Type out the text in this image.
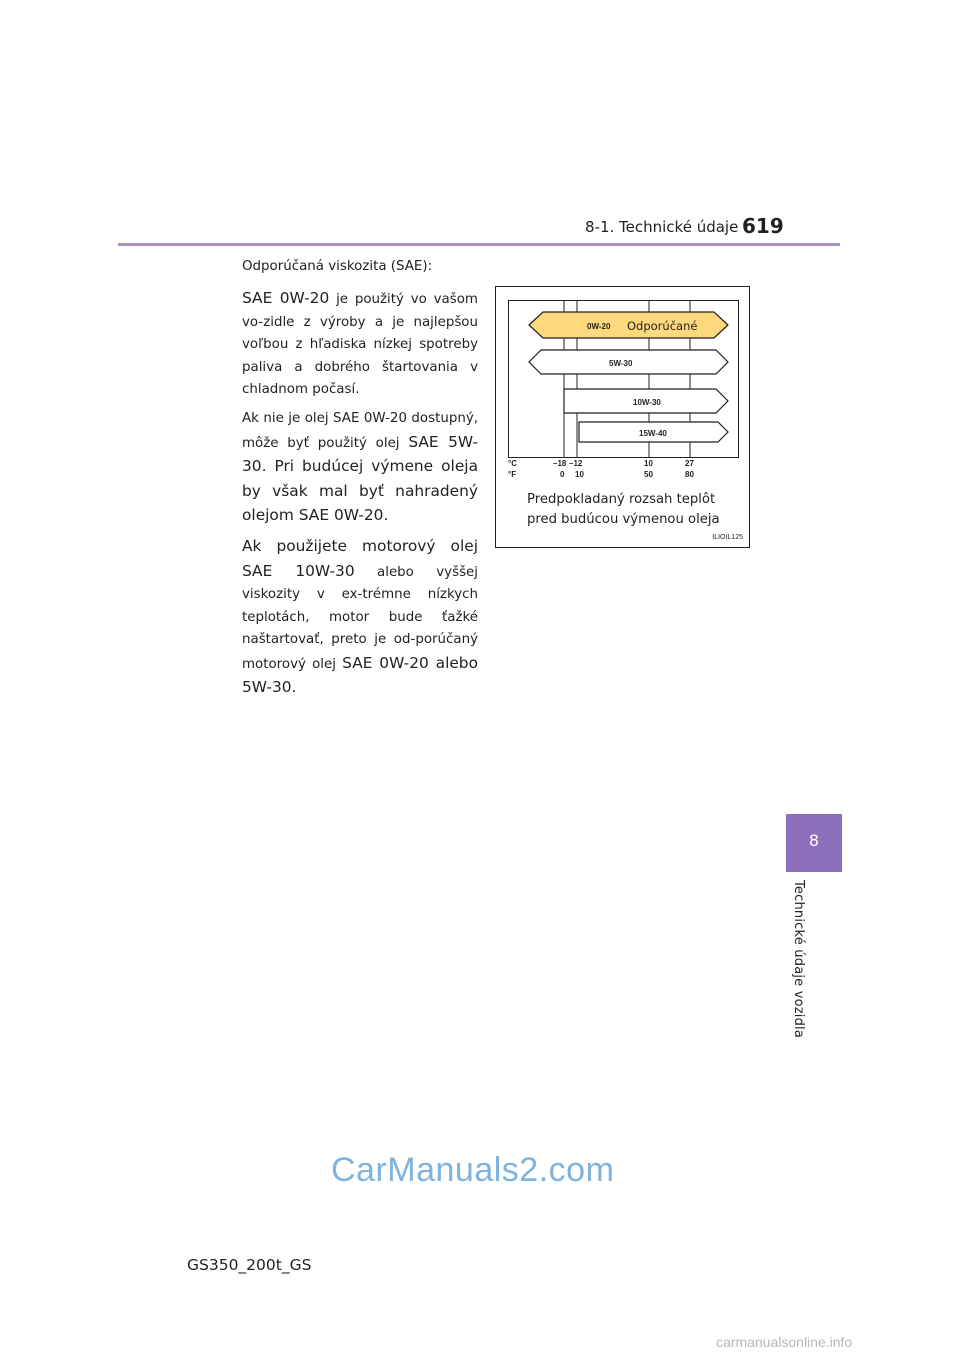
8-1. Technické údaje 619
8
Technické údaje vozidla
Odporúčaná viskozita (SAE):

SAE 0W-20 je použitý vo vašom vo-zidle z výroby a je najlepšou voľbou z hľadiska nízkej spotreby paliva a dobrého štartovania v chladnom počasí.

Ak nie je olej SAE 0W-20 dostupný, môže byť použitý olej SAE 5W-30. Pri budúcej výmene oleja by však mal byť nahradený olejom SAE 0W-20.

Ak použijete motorový olej SAE 10W-30 alebo vyššej viskozity v ex-trémne nízkych teplotách, motor bude ťažké naštartovať, preto je od-porúčaný motorový olej SAE 0W-20 alebo 5W-30.

0W-20 Odporúčané
5W-30
10W-30
15W-40
°C	–18 –12	10	27
°F	0 10	50	80
Predpokladaný rozsah teplôt pred budúcou výmenou oleja
ILIOIL125
CarManuals2.com
GS350_200t_GS
carmanualsonline.info
